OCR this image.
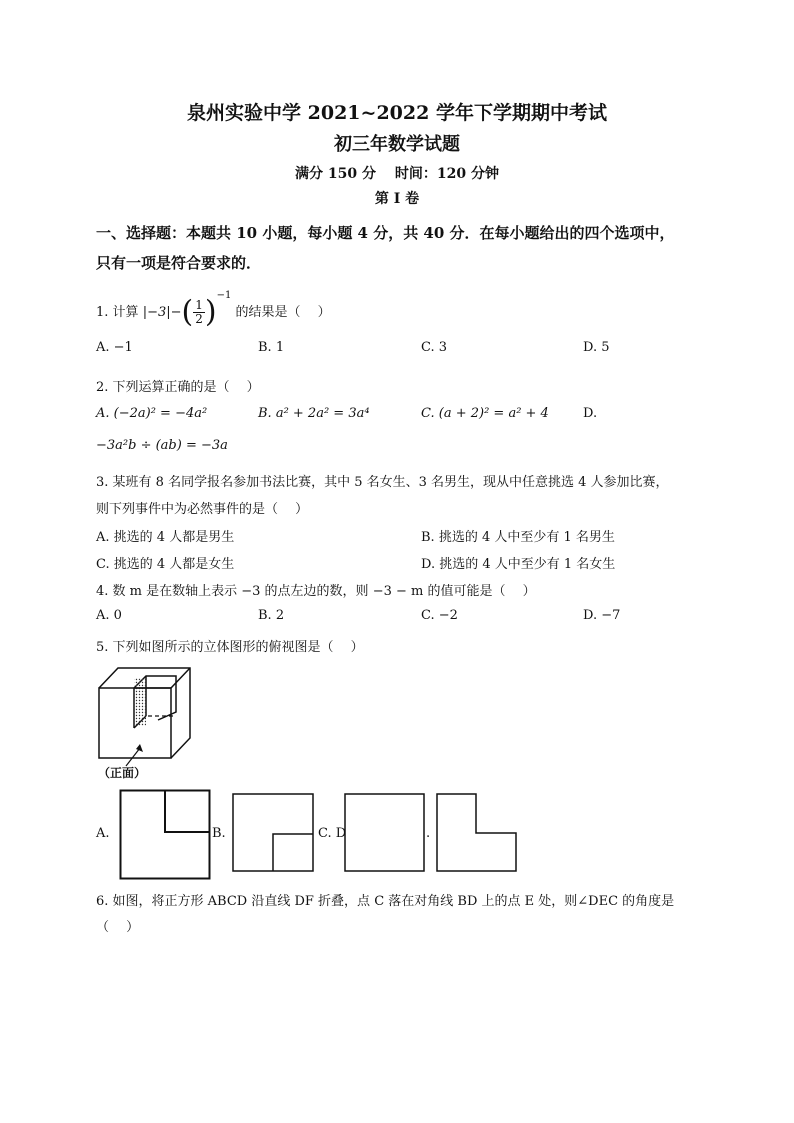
泉州实验中学 2021~2022 学年下学期期中考试
初三年数学试题
满分 150 分　 时间：120 分钟
第 I 卷
一、选择题：本题共 10 小题，每小题 4 分，共 40 分．在每小题给出的四个选项中，
只有一项是符合要求的．
1. 计算 $|-3|-( \frac{1}{2} )^{-1}$ 的结果是（　 ）
A. −1	B. 1	C. 3	D. 5
2. 下列运算正确的是（　 ）
A. (−2a)² = −4a²	B. a² + 2a² = 3a⁴	C. (a + 2)² = a² + 4	D.
−3a²b ÷ (ab) = −3a
3. 某班有 8 名同学报名参加书法比赛，其中 5 名女生、3 名男生，现从中任意挑选 4 人参加比赛，
则下列事件中为必然事件的是（　 ）
A. 挑选的 4 人都是男生	B. 挑选的 4 人中至少有 1 名男生
C. 挑选的 4 人都是女生	D. 挑选的 4 人中至少有 1 名女生
4. 数 m 是在数轴上表示 −3 的点左边的数，则 −3 − m 的值可能是（　 ）
A. 0	B. 2	C. −2	D. −7
5. 下列如图所示的立体图形的俯视图是（　 ）
（正面）
A.	B.	C. D	.
6. 如图，将正方形 ABCD 沿直线 DF 折叠，点 C 落在对角线 BD 上的点 E 处，则∠DEC 的角度是
（　 ）
